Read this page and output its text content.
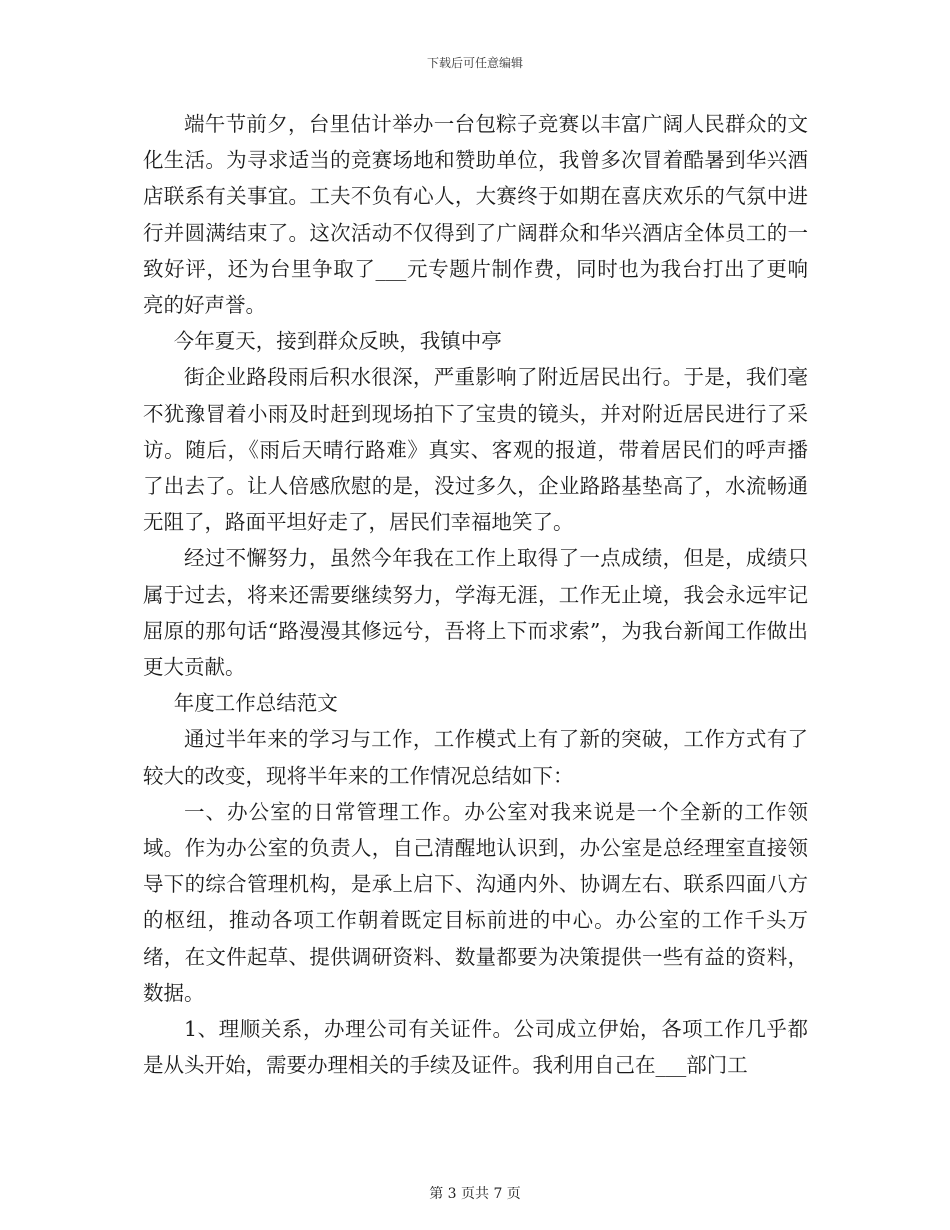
下载后可任意编辑

端午节前夕，台里估计举办一台包粽子竞赛以丰富广阔人民群众的文化生活。为寻求适当的竞赛场地和赞助单位，我曾多次冒着酷暑到华兴酒店联系有关事宜。工夫不负有心人，大赛终于如期在喜庆欢乐的气氛中进行并圆满结束了。这次活动不仅得到了广阔群众和华兴酒店全体员工的一致好评，还为台里争取了___元专题片制作费，同时也为我台打出了更响亮的好声誉。

今年夏天，接到群众反映，我镇中亭

街企业路段雨后积水很深，严重影响了附近居民出行。于是，我们毫不犹豫冒着小雨及时赶到现场拍下了宝贵的镜头，并对附近居民进行了采访。随后，《雨后天晴行路难》真实、客观的报道，带着居民们的呼声播了出去了。让人倍感欣慰的是，没过多久，企业路路基垫高了，水流畅通无阻了，路面平坦好走了，居民们幸福地笑了。

经过不懈努力，虽然今年我在工作上取得了一点成绩，但是，成绩只属于过去，将来还需要继续努力，学海无涯，工作无止境，我会永远牢记屈原的那句话“路漫漫其修远兮，吾将上下而求索”，为我台新闻工作做出更大贡献。

年度工作总结范文

通过半年来的学习与工作，工作模式上有了新的突破，工作方式有了较大的改变，现将半年来的工作情况总结如下：

一、办公室的日常管理工作。办公室对我来说是一个全新的工作领域。作为办公室的负责人，自己清醒地认识到，办公室是总经理室直接领导下的综合管理机构，是承上启下、沟通内外、协调左右、联系四面八方的枢纽，推动各项工作朝着既定目标前进的中心。办公室的工作千头万绪，在文件起草、提供调研资料、数量都要为决策提供一些有益的资料，数据。

1、理顺关系，办理公司有关证件。公司成立伊始，各项工作几乎都是从头开始，需要办理相关的手续及证件。我利用自己在___部门工

第 3 页共 7 页
